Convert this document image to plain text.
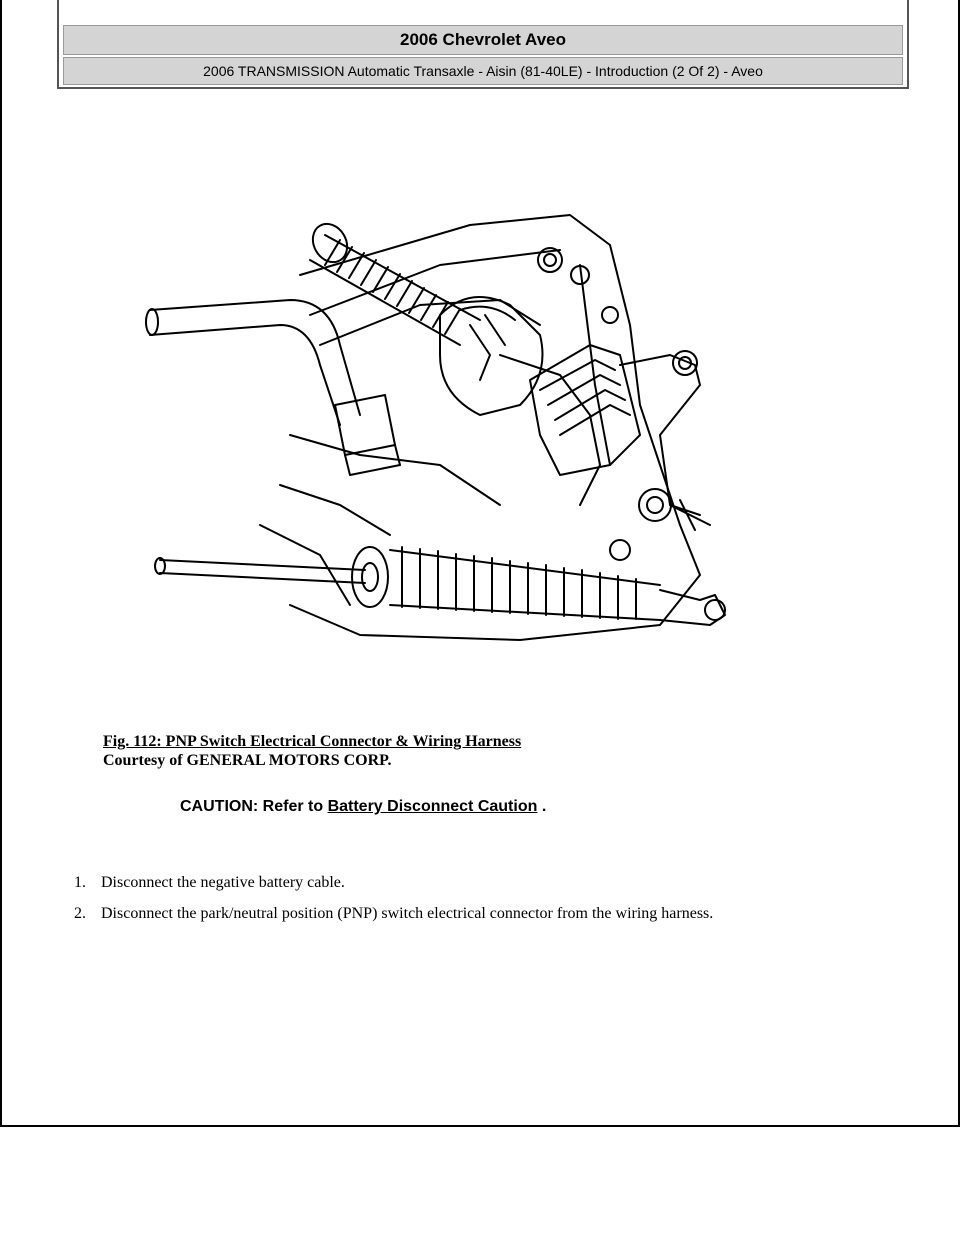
2006 Chevrolet Aveo
2006 TRANSMISSION Automatic Transaxle - Aisin (81-40LE) - Introduction (2 Of 2) - Aveo
Fig. 112: PNP Switch Electrical Connector & Wiring Harness
Courtesy of GENERAL MOTORS CORP.
CAUTION: Refer to Battery Disconnect Caution .
1. Disconnect the negative battery cable.
2. Disconnect the park/neutral position (PNP) switch electrical connector from the wiring harness.
